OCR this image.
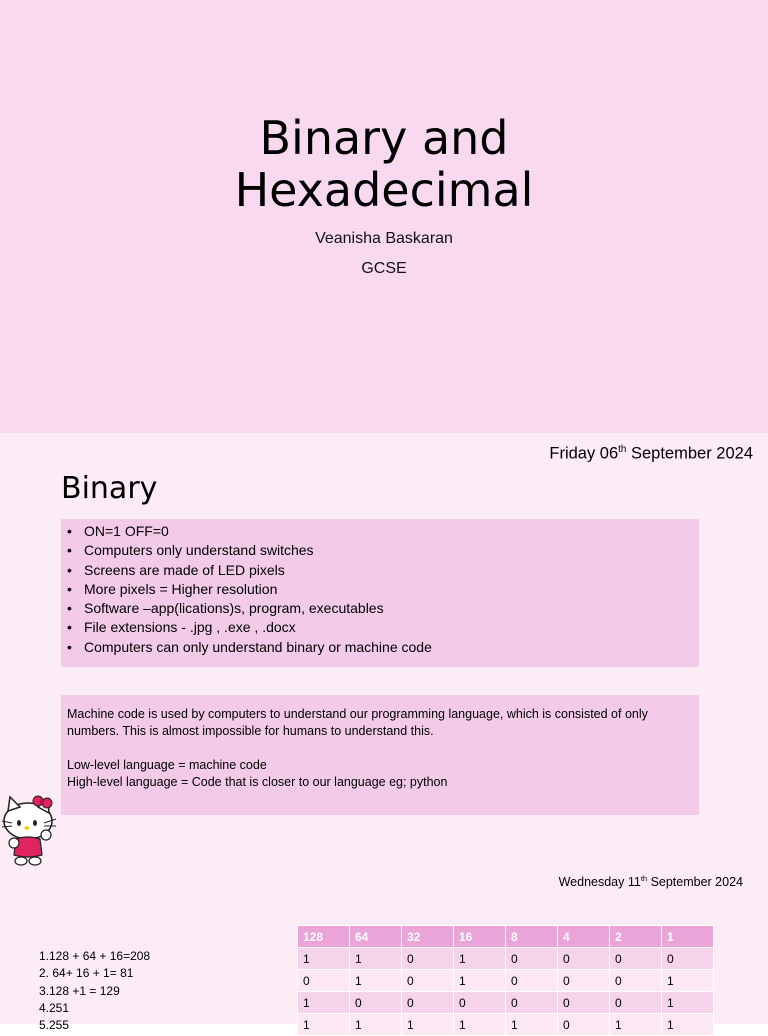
Binary and
Hexadecimal
Veanisha Baskaran
GCSE
Friday 06th September 2024
Binary
• ON=1 OFF=0
• Computers only understand switches
• Screens are made of LED pixels
• More pixels = Higher resolution
• Software –app(lications)s, program, executables
• File extensions - .jpg , .exe , .docx
• Computers can only understand binary or machine code

Machine code is used by computers to understand our programming language, which is consisted of only numbers. This is almost impossible for humans to understand this.

Low-level language = machine code

High-level language = Code that is closer to our language eg; python

Wednesday 11th September 2024
1.128 + 64 + 16=208
2. 64+ 16 + 1= 81
3.128 +1 = 129
4.251
5.255
128	64	32	16	8	4	2	1
1	1	0	1	0	0	0	0
0	1	0	1	0	0	0	1
1	0	0	0	0	0	0	1
1	1	1	1	1	0	1	1
